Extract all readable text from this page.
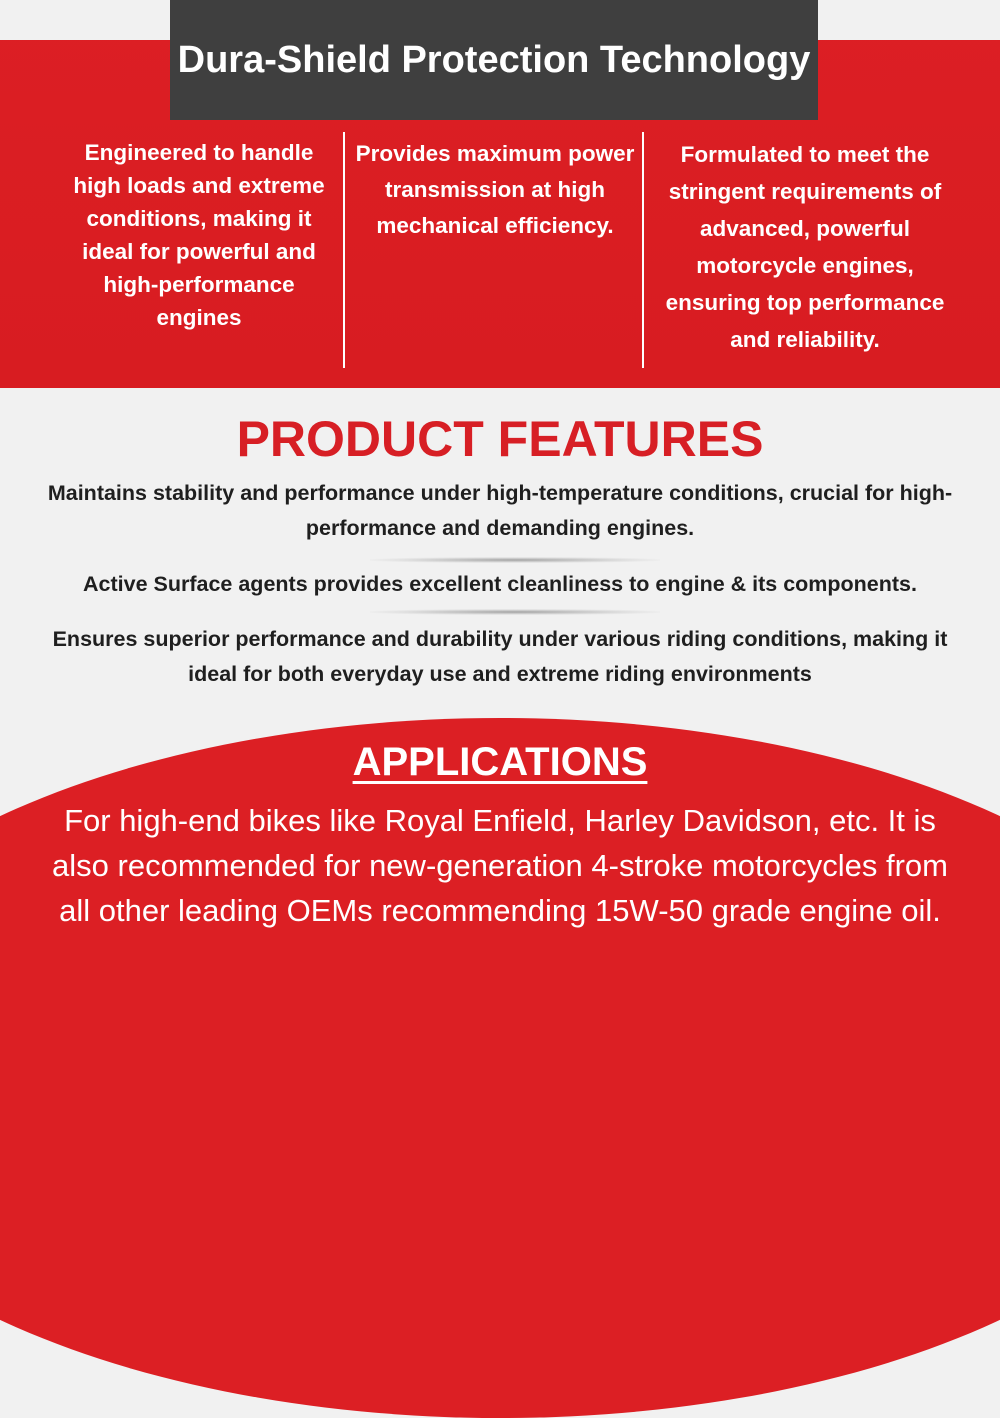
Dura-Shield Protection Technology
Engineered to handle high loads and extreme conditions, making it ideal for powerful and high-performance engines
Provides maximum power transmission at high mechanical efficiency.
Formulated to meet the stringent requirements of advanced, powerful motorcycle engines, ensuring top performance and reliability.
PRODUCT FEATURES
Maintains stability and performance under high-temperature conditions, crucial for high-performance and demanding engines.
Active Surface agents provides excellent cleanliness to engine & its components.
Ensures superior performance and durability under various riding conditions, making it ideal for both everyday use and extreme riding environments
APPLICATIONS
For high-end bikes like Royal Enfield, Harley Davidson, etc. It is also recommended for new-generation 4-stroke motorcycles from all other leading OEMs recommending 15W-50 grade engine oil.
